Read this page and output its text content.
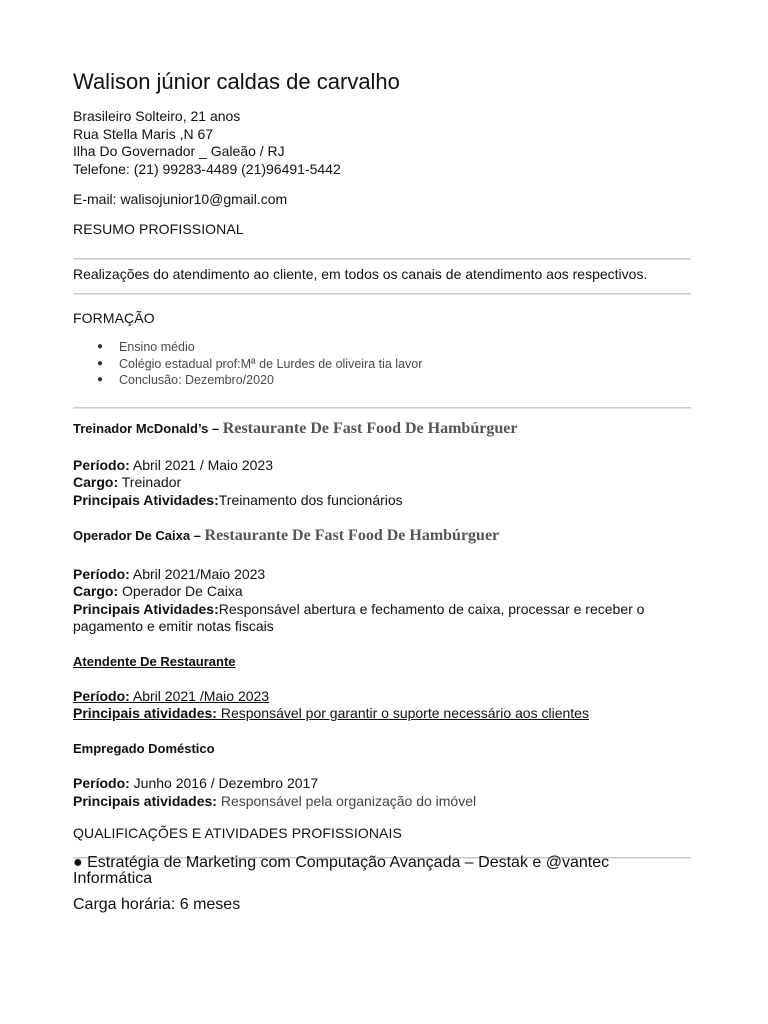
Walison júnior caldas de carvalho
Brasileiro Solteiro, 21 anos
Rua Stella Maris ,N 67
Ilha Do Governador _ Galeão / RJ
Telefone: (21) 99283-4489 (21)96491-5442
E-mail: walisojunior10@gmail.com
RESUMO PROFISSIONAL
Realizações do atendimento ao cliente, em todos os canais de atendimento aos respectivos.
FORMAÇÃO
● Ensino médio
● Colégio estadual prof:Mª de Lurdes de oliveira tia lavor
● Conclusão: Dezembro/2020
Treinador McDonald’s – Restaurante De Fast Food De Hambúrguer
Período: Abril 2021 / Maio 2023
Cargo: Treinador
Principais Atividades:Treinamento dos funcionários
Operador De Caixa – Restaurante De Fast Food De Hambúrguer
Período: Abril 2021/Maio 2023
Cargo: Operador De Caixa
Principais Atividades:Responsável abertura e fechamento de caixa, processar e receber o
pagamento e emitir notas fiscais
Atendente De Restaurante
Período: Abril 2021 /Maio 2023
Principais atividades: Responsável por garantir o suporte necessário aos clientes
Empregado Doméstico
Período: Junho 2016 / Dezembro 2017
Principais atividades: Responsável pela organização do imóvel
QUALIFICAÇÕES E ATIVIDADES PROFISSIONAIS
● Estratégia de Marketing com Computação Avançada – Destak e @vantec Informática
Carga horária: 6 meses
